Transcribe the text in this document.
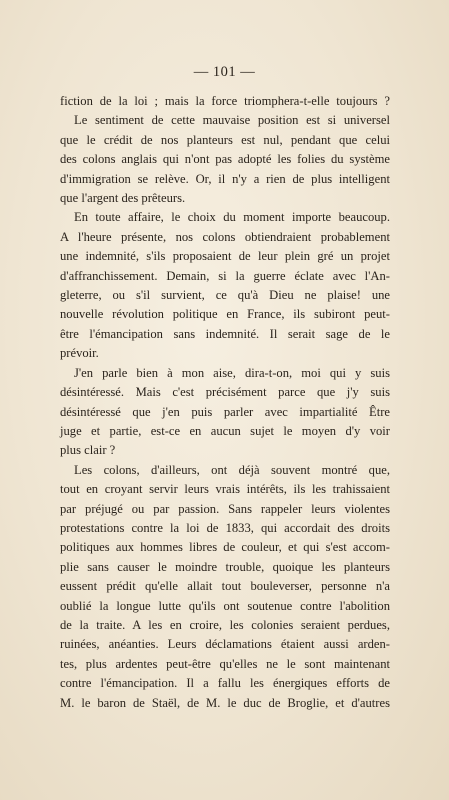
— 101 —

fiction de la loi ; mais la force triomphera-t-elle toujours ?

Le sentiment de cette mauvaise position est si universel

que le crédit de nos planteurs est nul, pendant que celui

des colons anglais qui n'ont pas adopté les folies du système

d'immigration se relève. Or, il n'y a rien de plus intelligent

que l'argent des prêteurs.

En toute affaire, le choix du moment importe beaucoup.

A l'heure présente, nos colons obtiendraient probablement

une indemnité, s'ils proposaient de leur plein gré un projet

d'affranchissement. Demain, si la guerre éclate avec l'An-

gleterre, ou s'il survient, ce qu'à Dieu ne plaise! une

nouvelle révolution politique en France, ils subiront peut-

être l'émancipation sans indemnité. Il serait sage de le

prévoir.

J'en parle bien à mon aise, dira-t-on, moi qui y suis

désintéressé. Mais c'est précisément parce que j'y suis

désintéressé que j'en puis parler avec impartialité Être

juge et partie, est-ce en aucun sujet le moyen d'y voir

plus clair ?

Les colons, d'ailleurs, ont déjà souvent montré que,

tout en croyant servir leurs vrais intérêts, ils les trahissaient

par préjugé ou par passion. Sans rappeler leurs violentes

protestations contre la loi de 1833, qui accordait des droits

politiques aux hommes libres de couleur, et qui s'est accom-

plie sans causer le moindre trouble, quoique les planteurs

eussent prédit qu'elle allait tout bouleverser, personne n'a

oublié la longue lutte qu'ils ont soutenue contre l'abolition

de la traite. A les en croire, les colonies seraient perdues,

ruinées, anéanties. Leurs déclamations étaient aussi arden-

tes, plus ardentes peut-être qu'elles ne le sont maintenant

contre l'émancipation. Il a fallu les énergiques efforts de

M. le baron de Staël, de M. le duc de Broglie, et d'autres
